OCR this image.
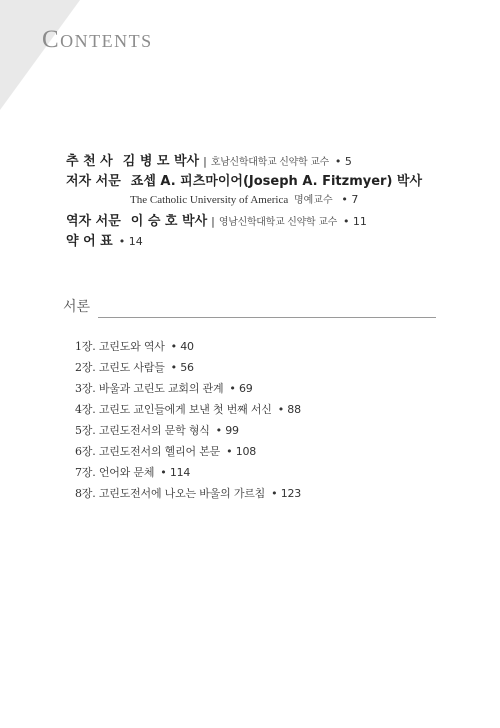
Contents
추 천 사 김 병 모 박사 | 호남신학대학교 신약학 교수 • 5
저자 서문 죠셉 A. 피츠마이어(Joseph A. Fitzmyer) 박사
The Catholic University of America 명예교수 • 7
역자 서문 이 승 호 박사 | 영남신학대학교 신약학 교수 • 11
약 어 표 • 14
서론
1장. 고린도와 역사 • 40
2장. 고린도 사람들 • 56
3장. 바울과 고린도 교회의 관계 • 69
4장. 고린도 교인들에게 보낸 첫 번째 서신 • 88
5장. 고린도전서의 문학 형식 • 99
6장. 고린도전서의 헬리어 본문 • 108
7장. 언어와 문체 • 114
8장. 고린도전서에 나오는 바울의 가르침 • 123
